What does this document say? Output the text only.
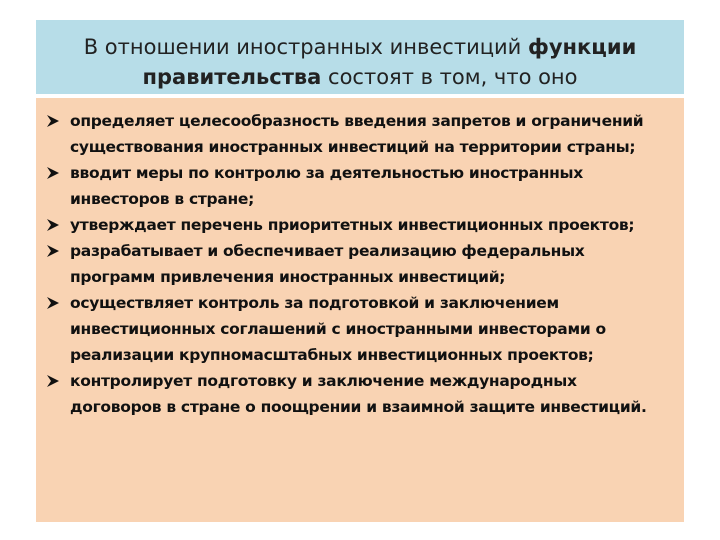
В отношении иностранных инвестиций функции правительства состоят в том, что оно
определяет целесообразность введения запретов и ограничений существования иностранных инвестиций на территории страны;
вводит меры по контролю за деятельностью иностранных инвесторов в стране;
утверждает перечень приоритетных инвестиционных проектов;
разрабатывает и обеспечивает реализацию федеральных программ привлечения иностранных инвестиций;
осуществляет контроль за подготовкой и заключением инвестиционных соглашений с иностранными инвесторами о реализации крупномасштабных инвестиционных проектов;
контролирует подготовку и заключение международных договоров в стране о поощрении и взаимной защите инвестиций.
